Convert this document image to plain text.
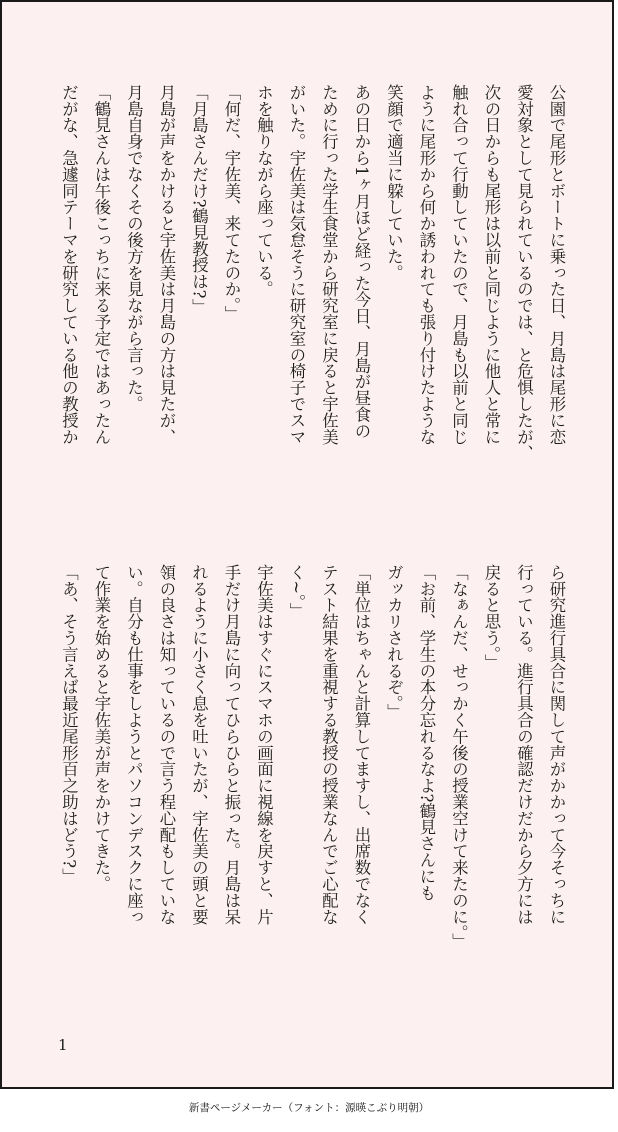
公園で尾形とボートに乗った日、月島は尾形に恋

愛対象として見られているのでは、と危惧したが、

次の日からも尾形は以前と同じように他人と常に

触れ合って行動していたので、月島も以前と同じ

ように尾形から何か誘われても張り付けたような

笑顔で適当に躱していた。

あの日から1ヶ月ほど経った今日、月島が昼食の

ために行った学生食堂から研究室に戻ると宇佐美

がいた。宇佐美は気怠そうに研究室の椅子でスマ

ホを触りながら座っている。

「何だ、宇佐美、来てたのか。」

「月島さんだけ?鶴見教授は?」

月島が声をかけると宇佐美は月島の方は見たが、

月島自身でなくその後方を見ながら言った。

「鶴見さんは午後こっちに来る予定ではあったん

だがな、急遽同テーマを研究している他の教授か

ら研究進行具合に関して声がかかって今そっちに

行っている。進行具合の確認だけだから夕方には

戻ると思う。」

「なぁんだ、せっかく午後の授業空けて来たのに。」

「お前、学生の本分忘れるなよ?鶴見さんにも

ガッカリされるぞ。」

「単位はちゃんと計算してますし、出席数でなく

テスト結果を重視する教授の授業なんでご心配な

く~。」

宇佐美はすぐにスマホの画面に視線を戻すと、片

手だけ月島に向ってひらひらと振った。月島は呆

れるように小さく息を吐いたが、宇佐美の頭と要

領の良さは知っているので言う程心配もしていな

い。自分も仕事をしようとパソコンデスクに座っ

て作業を始めると宇佐美が声をかけてきた。

「あ、そう言えば最近尾形百之助はどう?」

1
新書ページメーカー（フォント：源暎こぶり明朝）
